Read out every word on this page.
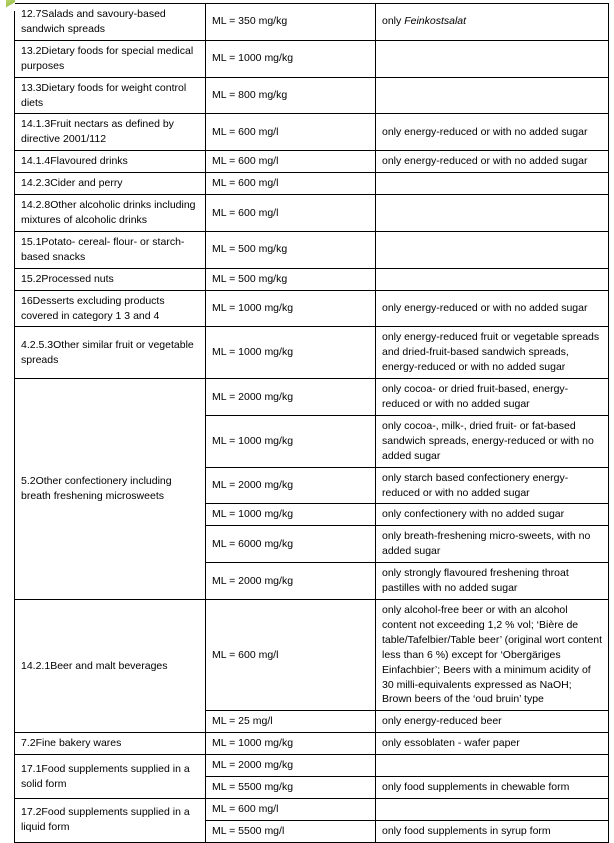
12.7Salads and savoury-based sandwich spreads	ML = 350 mg/kg	only Feinkostsalat
13.2Dietary foods for special medical purposes	ML = 1000 mg/kg	
13.3Dietary foods for weight control diets	ML = 800 mg/kg	
14.1.3Fruit nectars as defined by directive 2001/112	ML = 600 mg/l	only energy-reduced or with no added sugar
14.1.4Flavoured drinks	ML = 600 mg/l	only energy-reduced or with no added sugar
14.2.3Cider and perry	ML = 600 mg/l	
14.2.8Other alcoholic drinks including mixtures of alcoholic drinks	ML = 600 mg/l	
15.1Potato- cereal- flour- or starch-based snacks	ML = 500 mg/kg	
15.2Processed nuts	ML = 500 mg/kg	
16Desserts excluding products covered in category 1 3 and 4	ML = 1000 mg/kg	only energy-reduced or with no added sugar
4.2.5.3Other similar fruit or vegetable spreads	ML = 1000 mg/kg	only energy-reduced fruit or vegetable spreads and dried-fruit-based sandwich spreads, energy-reduced or with no added sugar
5.2Other confectionery including breath freshening microsweets	ML = 2000 mg/kg	only cocoa- or dried fruit-based, energy-reduced or with no added sugar
	ML = 1000 mg/kg	only cocoa-, milk-, dried fruit- or fat-based sandwich spreads, energy-reduced or with no added sugar
	ML = 2000 mg/kg	only starch based confectionery energy-reduced or with no added sugar
	ML = 1000 mg/kg	only confectionery with no added sugar
	ML = 6000 mg/kg	only breath-freshening micro-sweets, with no added sugar
	ML = 2000 mg/kg	only strongly flavoured freshening throat pastilles with no added sugar
14.2.1Beer and malt beverages	ML = 600 mg/l	only alcohol-free beer or with an alcohol content not exceeding 1,2 % vol; ‘Bière de table/Tafelbier/Table beer’ (original wort content less than 6 %) except for ‘Obergäriges Einfachbier’; Beers with a minimum acidity of 30 milli-equivalents expressed as NaOH; Brown beers of the ‘oud bruin’ type
	ML = 25 mg/l	only energy-reduced beer
7.2Fine bakery wares	ML = 1000 mg/kg	only essoblaten - wafer paper
17.1Food supplements supplied in a solid form	ML = 2000 mg/kg	
	ML = 5500 mg/kg	only food supplements in chewable form
17.2Food supplements supplied in a liquid form	ML = 600 mg/l	
	ML = 5500 mg/l	only food supplements in syrup form
